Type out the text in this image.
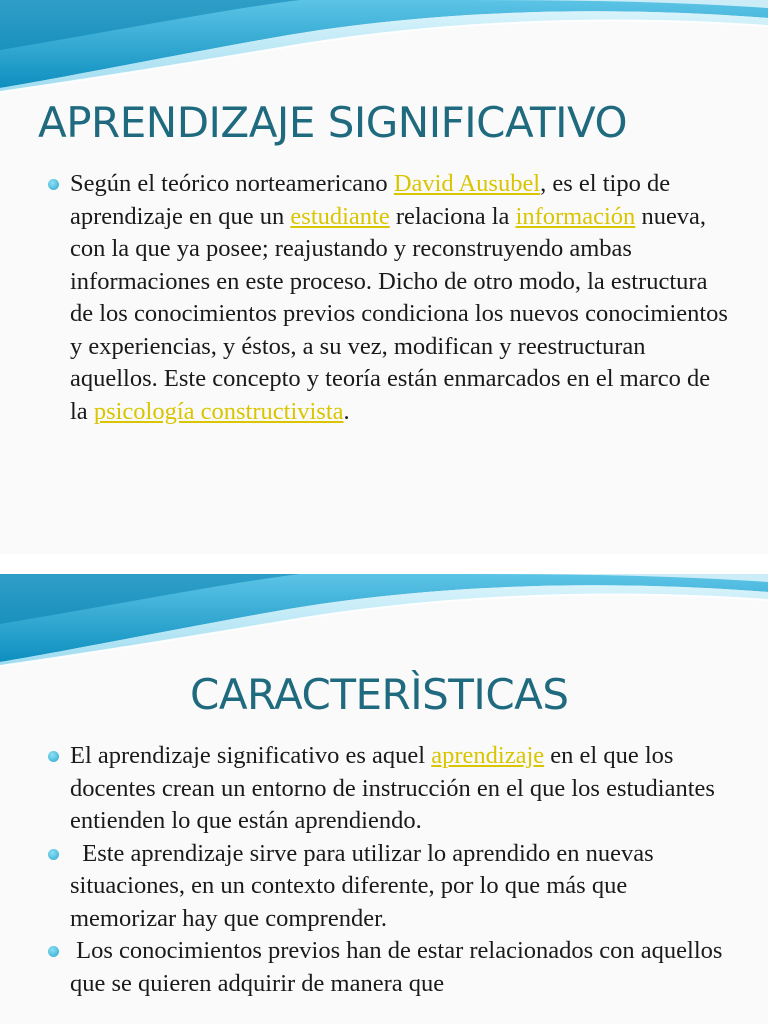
APRENDIZAJE SIGNIFICATIVO
Según el teórico norteamericano David Ausubel, es el tipo de aprendizaje en que un estudiante relaciona la información nueva, con la que ya posee; reajustando y reconstruyendo ambas informaciones en este proceso. Dicho de otro modo, la estructura de los conocimientos previos condiciona los nuevos conocimientos y experiencias, y éstos, a su vez, modifican y reestructuran aquellos. Este concepto y teoría están enmarcados en el marco de la psicología constructivista.
CARACTERÌSTICAS
El aprendizaje significativo es aquel aprendizaje en el que los docentes crean un entorno de instrucción en el que los estudiantes entienden lo que están aprendiendo.
Este aprendizaje sirve para utilizar lo aprendido en nuevas situaciones, en un contexto diferente, por lo que más que memorizar hay que comprender.
Los conocimientos previos han de estar relacionados con aquellos que se quieren adquirir de manera que
